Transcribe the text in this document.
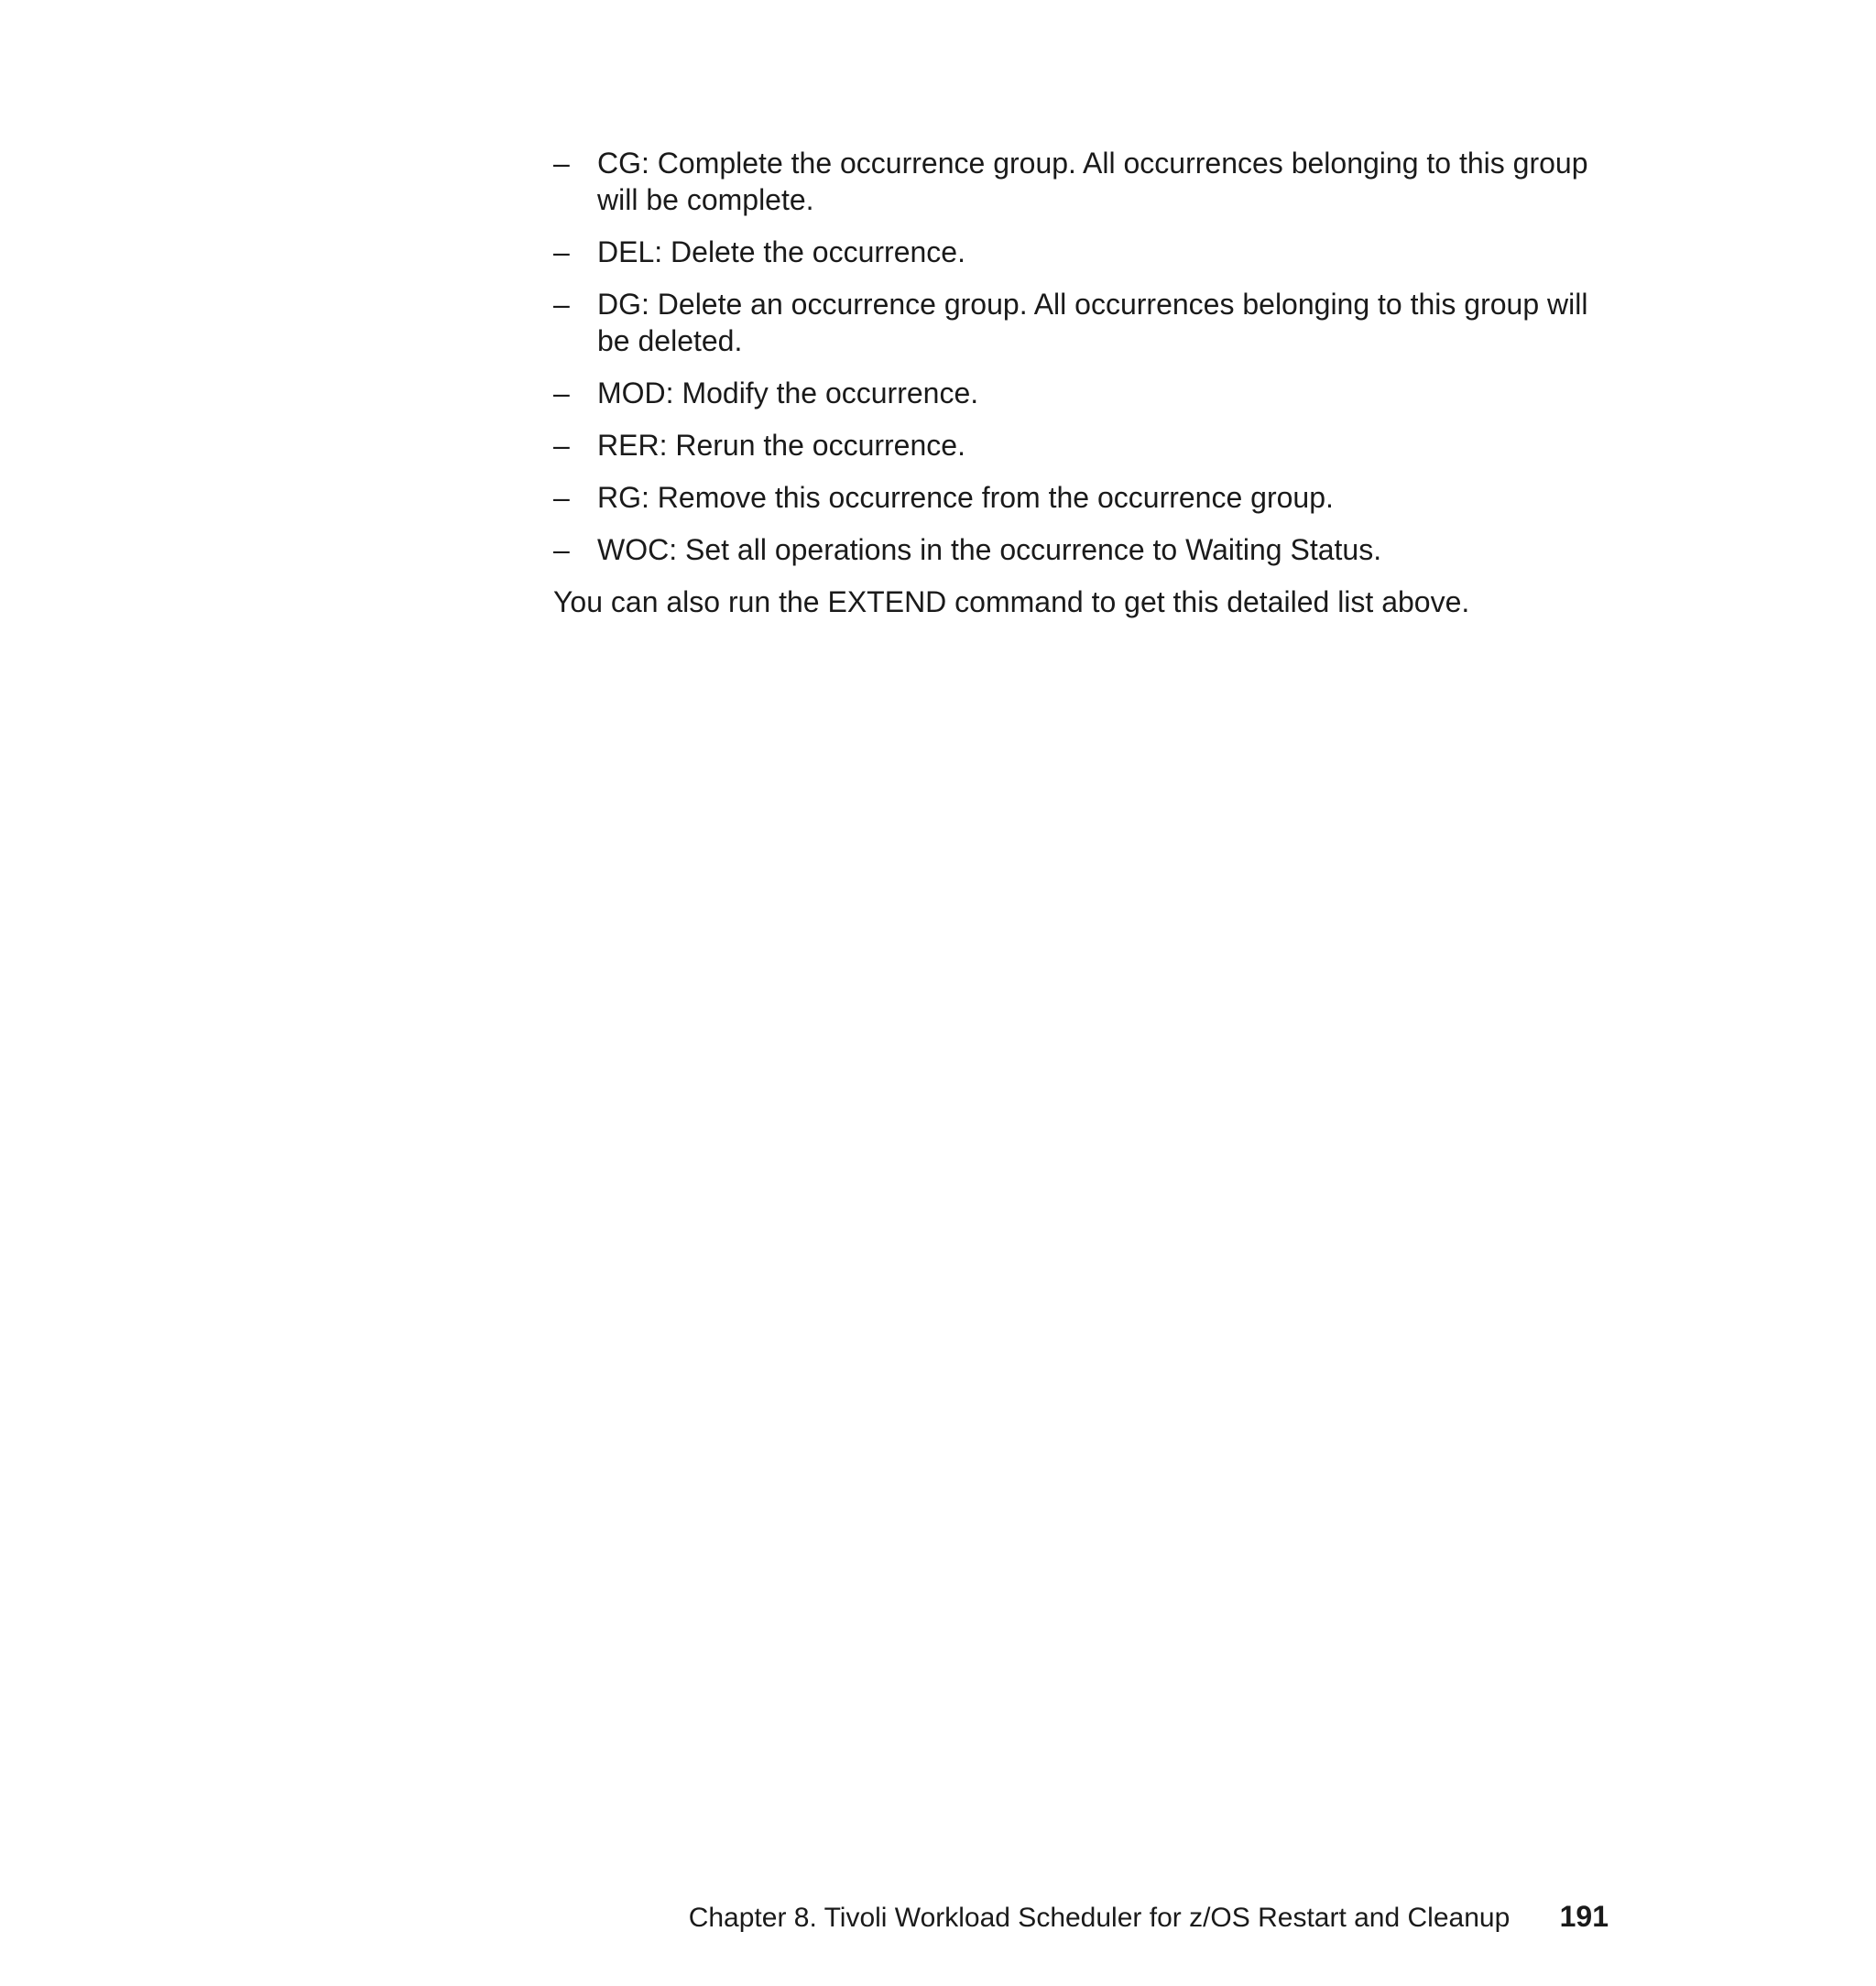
– CG: Complete the occurrence group. All occurrences belonging to this group will be complete.
– DEL: Delete the occurrence.
– DG: Delete an occurrence group. All occurrences belonging to this group will be deleted.
– MOD: Modify the occurrence.
– RER: Rerun the occurrence.
– RG: Remove this occurrence from the occurrence group.
– WOC: Set all operations in the occurrence to Waiting Status.

You can also run the EXTEND command to get this detailed list above.

Chapter 8. Tivoli Workload Scheduler for z/OS Restart and Cleanup 191
